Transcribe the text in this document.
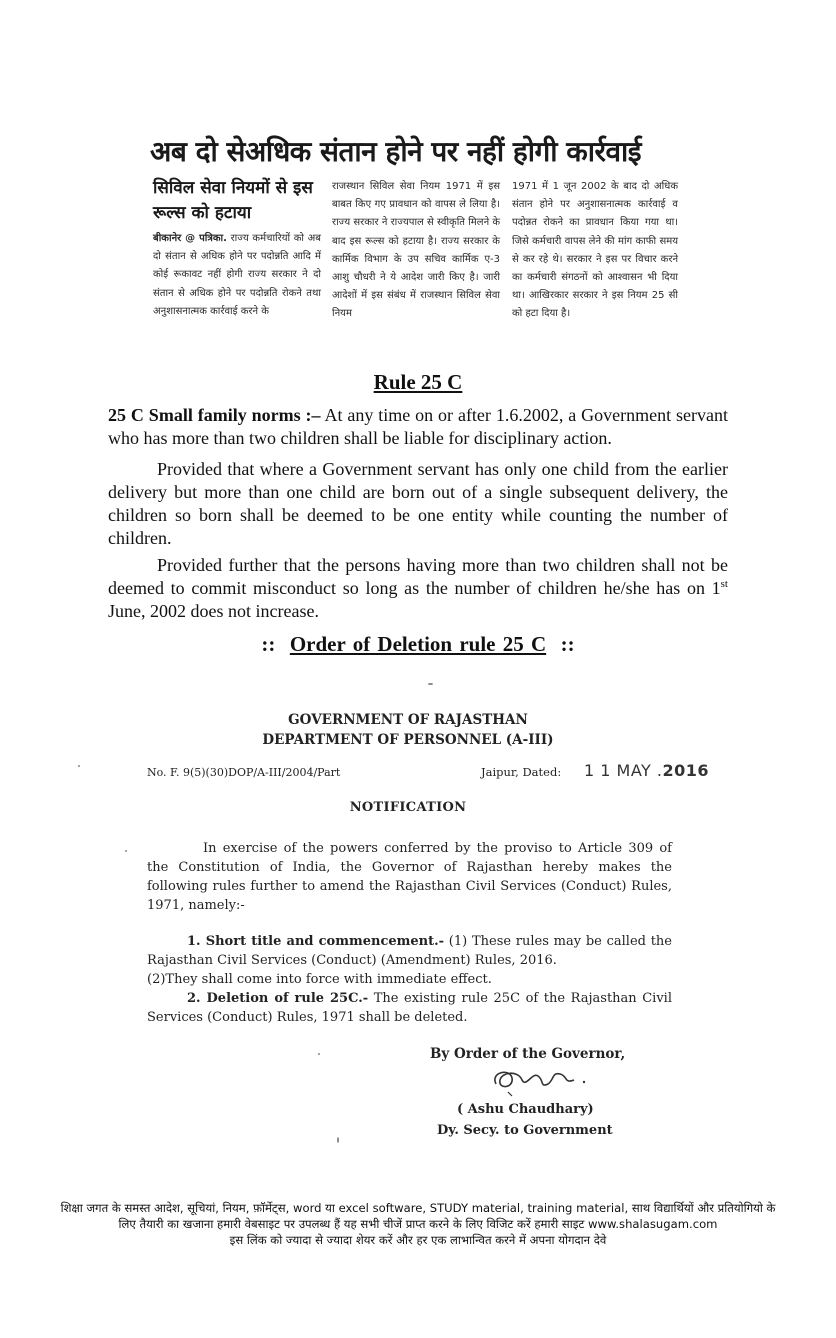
अब दो सेअधिक संतान होने पर नहीं होगी कार्रवाई
सिविल सेवा नियमों से इस रूल्स को हटाया
बीकानेर @ पत्रिका. राज्य कर्मचारियों को अब दो संतान से अधिक होने पर पदोन्नति आदि में कोई रूकावट नहीं होगी राज्य सरकार ने दो संतान से अधिक होने पर पदोन्नति रोकने तथा अनुशासनात्मक कार्रवाई करने के
राजस्थान सिविल सेवा नियम 1971 में इस बाबत किए गए प्रावधान को वापस ले लिया है। राज्य सरकार ने राज्यपाल से स्वीकृति मिलने के बाद इस रूल्स को हटाया है। राज्य सरकार के कार्मिक विभाग के उप सचिव कार्मिक ए-3 आशु चौधरी ने ये आदेश जारी किए है। जारी आदेशों में इस संबंध में राजस्थान सिविल सेवा नियम
1971 में 1 जून 2002 के बाद दो अधिक संतान होने पर अनुशासनात्मक कार्रवाई व पदोन्नत रोकने का प्रावधान किया गया था। जिसे कर्मचारी वापस लेने की मांग काफी समय से कर रहे थे। सरकार ने इस पर विचार करने का कर्मचारी संगठनों को आश्वासन भी दिया था। आखिरकार सरकार ने इस नियम 25 सी को हटा दिया है।
Rule 25 C
25 C Small family norms :– At any time on or after 1.6.2002, a Government servant who has more than two children shall be liable for disciplinary action.
Provided that where a Government servant has only one child from the earlier delivery but more than one child are born out of a single subsequent delivery, the children so born shall be deemed to be one entity while counting the number of children.
Provided further that the persons having more than two children shall not be deemed to commit misconduct so long as the number of children he/she has on 1st June, 2002 does not increase.
:: Order of Deletion rule 25 C ::
GOVERNMENT OF RAJASTHAN
DEPARTMENT OF PERSONNEL (A-III)
No. F. 9(5)(30)DOP/A-III/2004/Part	Jaipur, Dated: 1 1 MAY .2016
NOTIFICATION
In exercise of the powers conferred by the proviso to Article 309 of the Constitution of India, the Governor of Rajasthan hereby makes the following rules further to amend the Rajasthan Civil Services (Conduct) Rules, 1971, namely:-
1. Short title and commencement.- (1) These rules may be called the Rajasthan Civil Services (Conduct) (Amendment) Rules, 2016.
(2)They shall come into force with immediate effect.
2. Deletion of rule 25C.- The existing rule 25C of the Rajasthan Civil Services (Conduct) Rules, 1971 shall be deleted.
By Order of the Governor,
( Ashu Chaudhary)
Dy. Secy. to Government
शिक्षा जगत के समस्त आदेश, सूचियां, नियम, फ़ॉर्मेट्स, word या excel software, STUDY material, training material, साथ विद्यार्थियों और प्रतियोगियो के
लिए तैयारी का खजाना हमारी वेबसाइट पर उपलब्ध हैं यह सभी चीजें प्राप्त करने के लिए विजिट करें हमारी साइट www.shalasugam.com
इस लिंक को ज्यादा से ज्यादा शेयर करें और हर एक लाभान्वित करने में अपना योगदान देवे
